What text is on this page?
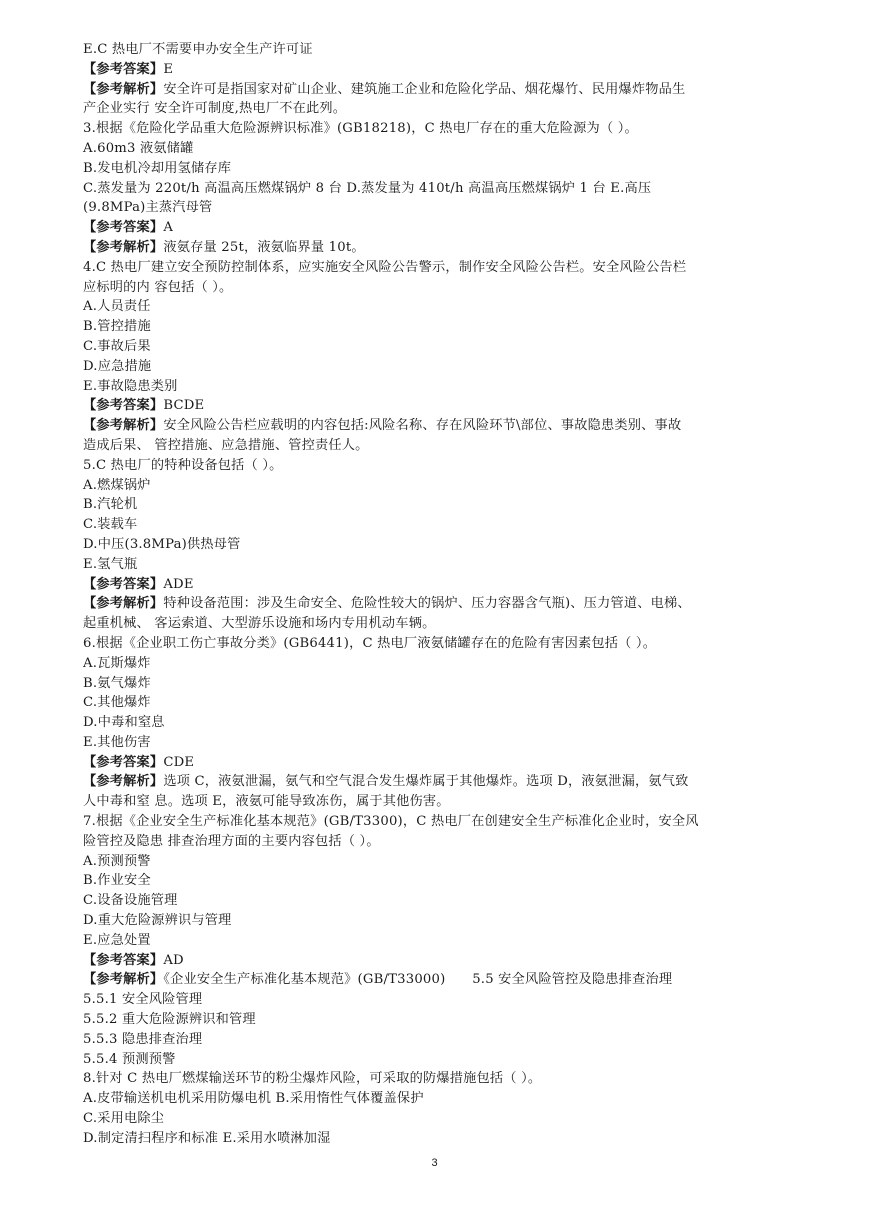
E.C 热电厂不需要申办安全生产许可证
【参考答案】E
【参考解析】安全许可是指国家对矿山企业、建筑施工企业和危险化学品、烟花爆竹、民用爆炸物品生
产企业实行 安全许可制度,热电厂不在此列。
3.根据《危险化学品重大危险源辨识标准》(GB18218)，C 热电厂存在的重大危险源为（ ）。
A.60m3 液氨储罐
B.发电机冷却用氢储存库
C.蒸发量为 220t/h 高温高压燃煤锅炉 8 台 D.蒸发量为 410t/h 高温高压燃煤锅炉 1 台 E.高压
(9.8MPa)主蒸汽母管
【参考答案】A
【参考解析】液氨存量 25t，液氨临界量 10t。
4.C 热电厂建立安全预防控制体系，应实施安全风险公告警示，制作安全风险公告栏。安全风险公告栏
应标明的内 容包括（ ）。
A.人员责任
B.管控措施
C.事故后果
D.应急措施
E.事故隐患类别
【参考答案】BCDE
【参考解析】安全风险公告栏应载明的内容包括:风险名称、存在风险环节\部位、事故隐患类别、事故
造成后果、 管控措施、应急措施、管控责任人。
5.C 热电厂的特种设备包括（ ）。
A.燃煤锅炉
B.汽轮机
C.装载车
D.中压(3.8MPa)供热母管
E.氢气瓶
【参考答案】ADE
【参考解析】特种设备范围：涉及生命安全、危险性较大的锅炉、压力容器含气瓶)、压力管道、电梯、
起重机械、 客运索道、大型游乐设施和场内专用机动车辆。
6.根据《企业职工伤亡事故分类》(GB6441)，C 热电厂液氨储罐存在的危险有害因素包括（ ）。
A.瓦斯爆炸
B.氨气爆炸
C.其他爆炸
D.中毒和窒息
E.其他伤害
【参考答案】CDE
【参考解析】选项 C，液氨泄漏，氨气和空气混合发生爆炸属于其他爆炸。选项 D，液氨泄漏，氨气致
人中毒和窒 息。选项 E，液氨可能导致冻伤，属于其他伤害。
7.根据《企业安全生产标准化基本规范》(GB/T3300)，C 热电厂在创建安全生产标准化企业时，安全风
险管控及隐患 排查治理方面的主要内容包括（ ）。
A.预测预警
B.作业安全
C.设备设施管理
D.重大危险源辨识与管理
E.应急处置
【参考答案】AD
【参考解析】《企业安全生产标准化基本规范》(GB/T33000)　　5.5 安全风险管控及隐患排查治理
5.5.1 安全风险管理
5.5.2 重大危险源辨识和管理
5.5.3 隐患排查治理
5.5.4 预测预警
8.针对 C 热电厂燃煤输送环节的粉尘爆炸风险，可采取的防爆措施包括（ ）。
A.皮带输送机电机采用防爆电机 B.采用惰性气体覆盖保护
C.采用电除尘
D.制定清扫程序和标准 E.采用水喷淋加湿
3
